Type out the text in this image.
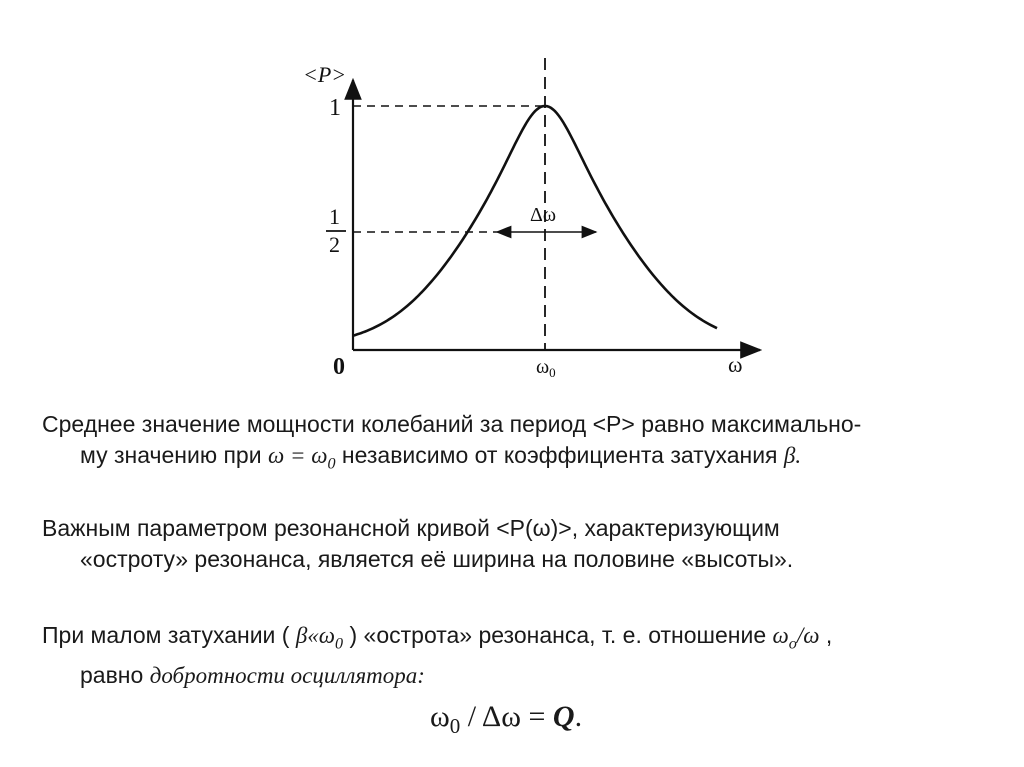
<P>
ω
0
1
1
2
$\omega_0$
Δω

Среднее значение мощности колебаний за период <P> равно максимально-
му значению при $\omega = \omega_0$ независимо от коэффициента затухания β.

Важным параметром резонансной кривой <P(ω)>, характеризующим
«остроту» резонанса, является её ширина на половине «высоты».

При малом затухании ( $\beta«\omega_0$ ) «острота» резонанса, т. е. отношение $\omega_o/\omega$ ,
равно добротности осциллятора:

$\omega_0 / \Delta\omega = Q$.
